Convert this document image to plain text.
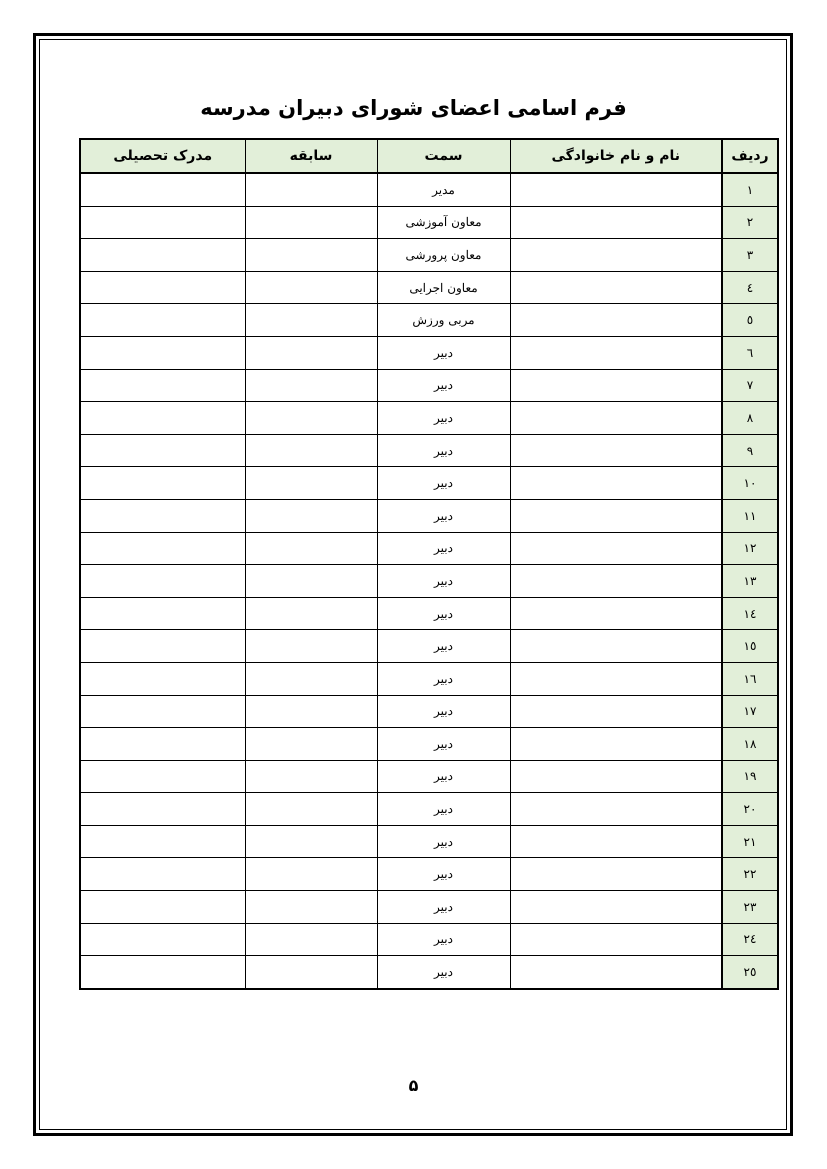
فرم اسامی اعضای شورای دبیران مدرسه
ردیف	نام و نام خانوادگی	سمت	سابقه	مدرک تحصیلی
۱		مدیر		
۲		معاون آموزشی		
۳		معاون پرورشی		
٤		معاون اجرایی		
٥		مربی ورزش		
٦		دبیر		
۷		دبیر		
۸		دبیر		
۹		دبیر		
۱۰		دبیر		
۱۱		دبیر		
۱۲		دبیر		
۱۳		دبیر		
١٤		دبیر		
۱٥		دبیر		
١٦		دبیر		
۱۷		دبیر		
۱۸		دبیر		
۱۹		دبیر		
۲۰		دبیر		
۲۱		دبیر		
۲۲		دبیر		
۲۳		دبیر		
٢٤		دبیر		
۲٥		دبیر		
۵
